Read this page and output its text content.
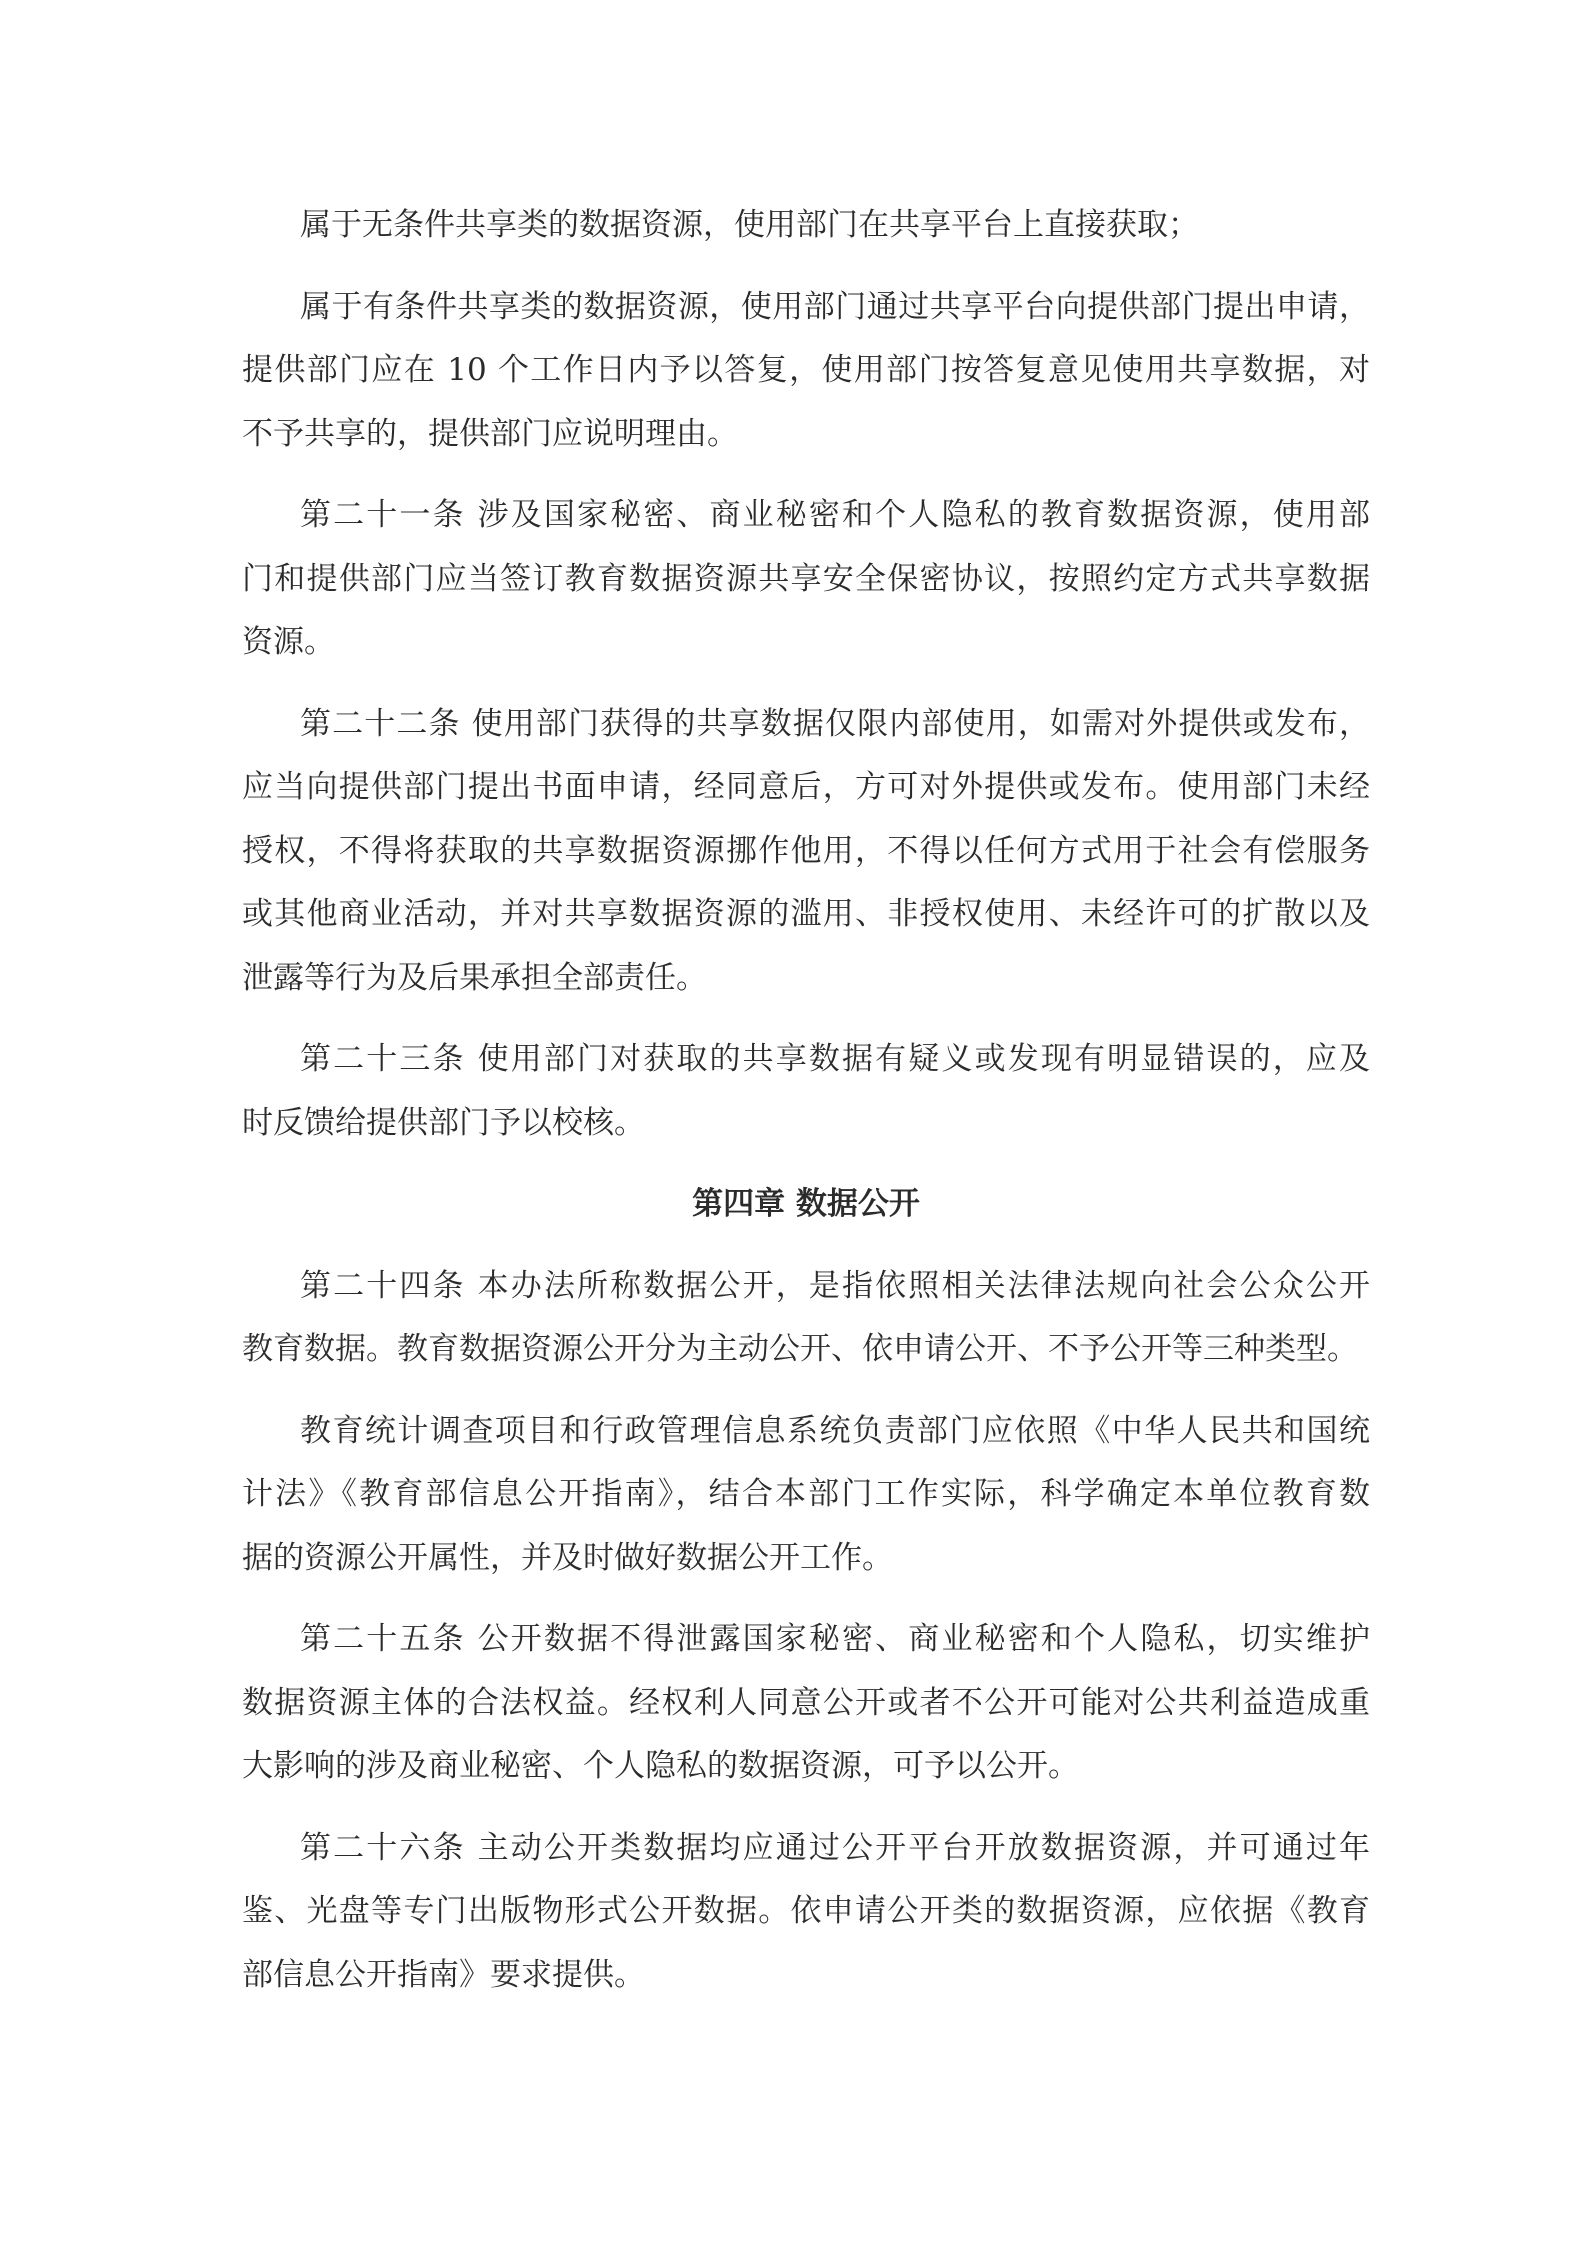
属于无条件共享类的数据资源，使用部门在共享平台上直接获取；
属于有条件共享类的数据资源，使用部门通过共享平台向提供部门提出申请，
提供部门应在 10 个工作日内予以答复，使用部门按答复意见使用共享数据，对
不予共享的，提供部门应说明理由。
第二十一条 涉及国家秘密、商业秘密和个人隐私的教育数据资源，使用部
门和提供部门应当签订教育数据资源共享安全保密协议，按照约定方式共享数据
资源。
第二十二条 使用部门获得的共享数据仅限内部使用，如需对外提供或发布，
应当向提供部门提出书面申请，经同意后，方可对外提供或发布。使用部门未经
授权，不得将获取的共享数据资源挪作他用，不得以任何方式用于社会有偿服务
或其他商业活动，并对共享数据资源的滥用、非授权使用、未经许可的扩散以及
泄露等行为及后果承担全部责任。
第二十三条 使用部门对获取的共享数据有疑义或发现有明显错误的，应及
时反馈给提供部门予以校核。
第四章 数据公开
第二十四条 本办法所称数据公开，是指依照相关法律法规向社会公众公开
教育数据。教育数据资源公开分为主动公开、依申请公开、不予公开等三种类型。
教育统计调查项目和行政管理信息系统负责部门应依照《中华人民共和国统
计法》《教育部信息公开指南》，结合本部门工作实际，科学确定本单位教育数
据的资源公开属性，并及时做好数据公开工作。
第二十五条 公开数据不得泄露国家秘密、商业秘密和个人隐私，切实维护
数据资源主体的合法权益。经权利人同意公开或者不公开可能对公共利益造成重
大影响的涉及商业秘密、个人隐私的数据资源，可予以公开。
第二十六条 主动公开类数据均应通过公开平台开放数据资源，并可通过年
鉴、光盘等专门出版物形式公开数据。依申请公开类的数据资源，应依据《教育
部信息公开指南》要求提供。
